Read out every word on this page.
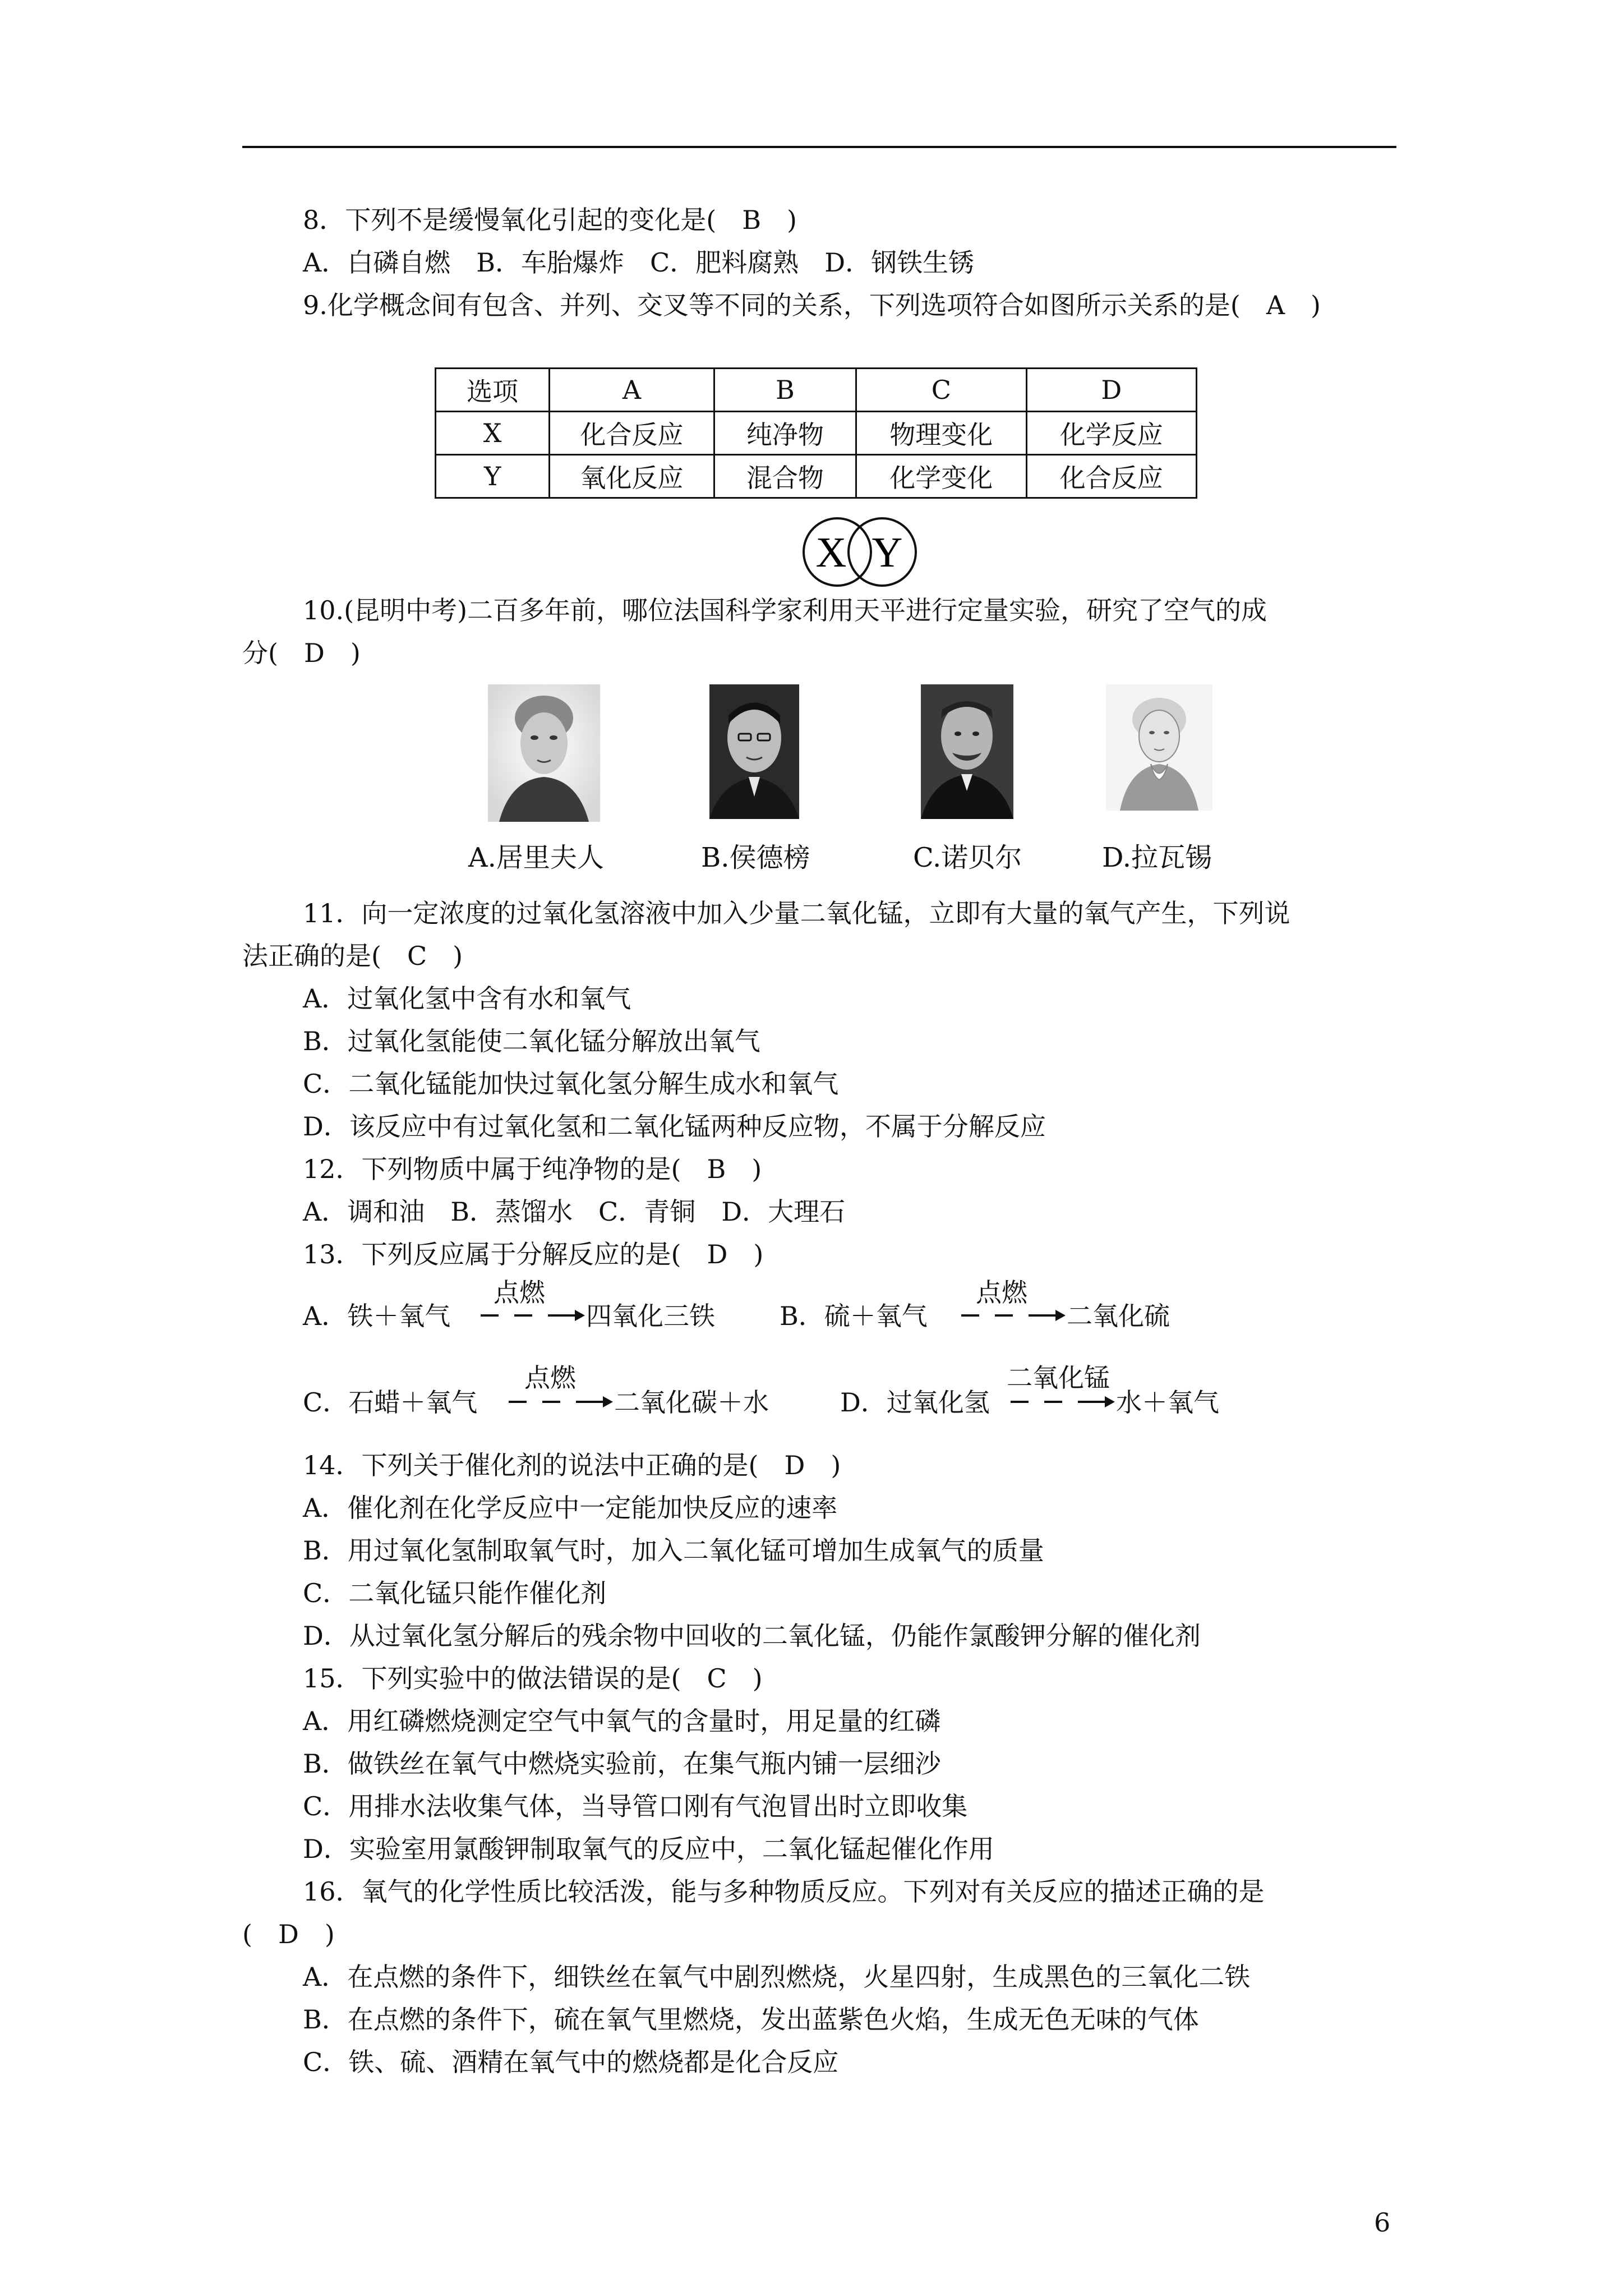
8．下列不是缓慢氧化引起的变化是(　B　)
A．白磷自燃　B．车胎爆炸　C．肥料腐熟　D．钢铁生锈
9.化学概念间有包含、并列、交叉等不同的关系，下列选项符合如图所示关系的是(　A　)
选项	A	B	C	D
X	化合反应	纯净物	物理变化	化学反应
Y	氧化反应	混合物	化学变化	化合反应
X Y
10.(昆明中考)二百多年前，哪位法国科学家利用天平进行定量实验，研究了空气的成
分(　D　)
A.居里夫人	B.侯德榜	C.诺贝尔	D.拉瓦锡
11．向一定浓度的过氧化氢溶液中加入少量二氧化锰，立即有大量的氧气产生，下列说
法正确的是(　C　)
A．过氧化氢中含有水和氧气
B．过氧化氢能使二氧化锰分解放出氧气
C．二氧化锰能加快过氧化氢分解生成水和氧气
D．该反应中有过氧化氢和二氧化锰两种反应物，不属于分解反应
12．下列物质中属于纯净物的是(　B　)
A．调和油　B．蒸馏水　C．青铜　D．大理石
13．下列反应属于分解反应的是(　D　)
A．铁＋氧气
点燃
四氧化三铁	B．硫＋氧气
点燃
二氧化硫
C．石蜡＋氧气
点燃
二氧化碳＋水	D．过氧化氢
二氧化锰
水＋氧气
14．下列关于催化剂的说法中正确的是(　D　)
A．催化剂在化学反应中一定能加快反应的速率
B．用过氧化氢制取氧气时，加入二氧化锰可增加生成氧气的质量
C．二氧化锰只能作催化剂
D．从过氧化氢分解后的残余物中回收的二氧化锰，仍能作氯酸钾分解的催化剂
15．下列实验中的做法错误的是(　C　)
A．用红磷燃烧测定空气中氧气的含量时，用足量的红磷
B．做铁丝在氧气中燃烧实验前，在集气瓶内铺一层细沙
C．用排水法收集气体，当导管口刚有气泡冒出时立即收集
D．实验室用氯酸钾制取氧气的反应中，二氧化锰起催化作用
16．氧气的化学性质比较活泼，能与多种物质反应。下列对有关反应的描述正确的是
(　D　)
A．在点燃的条件下，细铁丝在氧气中剧烈燃烧，火星四射，生成黑色的三氧化二铁
B．在点燃的条件下，硫在氧气里燃烧，发出蓝紫色火焰，生成无色无味的气体
C．铁、硫、酒精在氧气中的燃烧都是化合反应
6
